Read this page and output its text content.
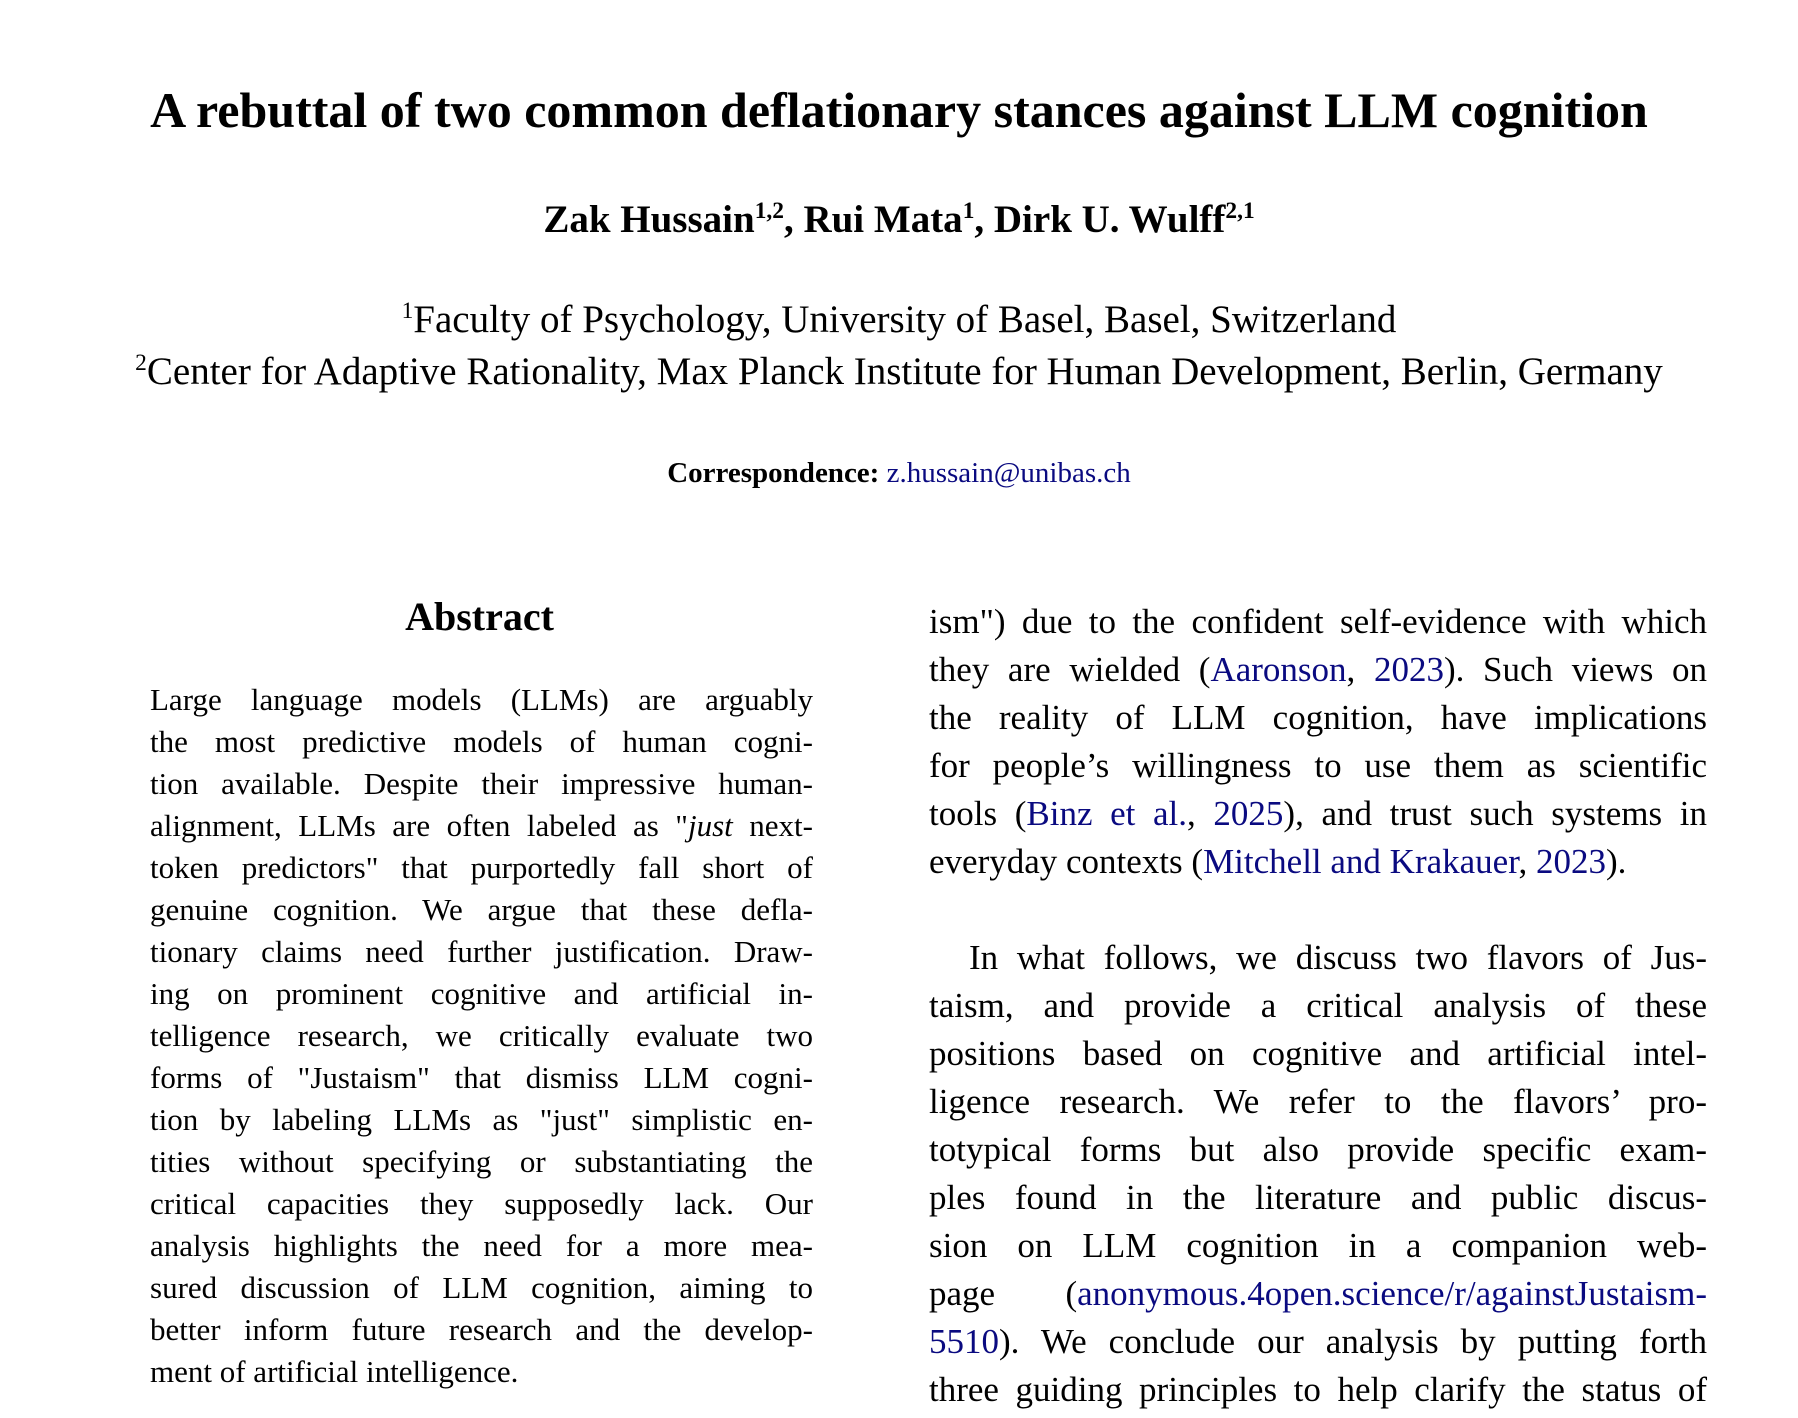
A rebuttal of two common deflationary stances against LLM cognition
Zak Hussain$^{1,2}$, Rui Mata$^1$, Dirk U. Wulff$^{2,1}$
$^1$Faculty of Psychology, University of Basel, Basel, Switzerland
$^2$Center for Adaptive Rationality, Max Planck Institute for Human Development, Berlin, Germany
Correspondence: z.hussain@unibas.ch
Abstract
Large language models (LLMs) are arguably
the most predictive models of human cogni-
tion available. Despite their impressive human-
alignment, LLMs are often labeled as "just next-
token predictors" that purportedly fall short of
genuine cognition. We argue that these defla-
tionary claims need further justification. Draw-
ing on prominent cognitive and artificial in-
telligence research, we critically evaluate two
forms of "Justaism" that dismiss LLM cogni-
tion by labeling LLMs as "just" simplistic en-
tities without specifying or substantiating the
critical capacities they supposedly lack. Our
analysis highlights the need for a more mea-
sured discussion of LLM cognition, aiming to
better inform future research and the develop-
ment of artificial intelligence.
ism") due to the confident self-evidence with which
they are wielded (Aaronson, 2023). Such views on
the reality of LLM cognition, have implications
for people’s willingness to use them as scientific
tools (Binz et al., 2025), and trust such systems in
everyday contexts (Mitchell and Krakauer, 2023).
In what follows, we discuss two flavors of Jus-
taism, and provide a critical analysis of these
positions based on cognitive and artificial intel-
ligence research. We refer to the flavors’ pro-
totypical forms but also provide specific exam-
ples found in the literature and public discus-
sion on LLM cognition in a companion web-
page (anonymous.4open.science/r/againstJustaism-
5510). We conclude our analysis by putting forth
three guiding principles to help clarify the status of
